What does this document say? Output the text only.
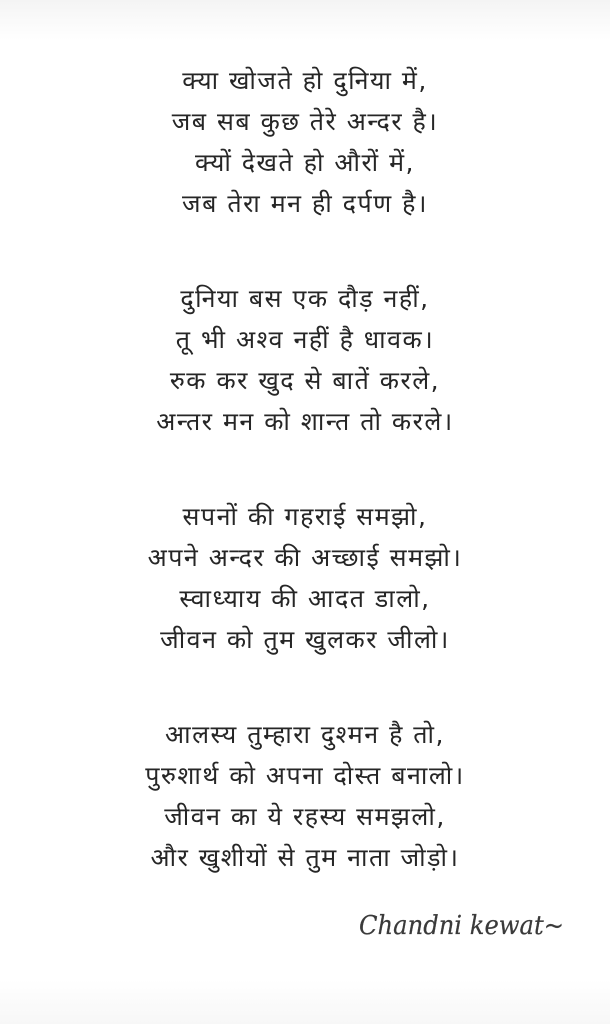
क्या खोजते हो दुनिया में,
जब सब कुछ तेरे अन्दर है।
क्यों देखते हो औरों में,
जब तेरा मन ही दर्पण है।
दुनिया बस एक दौड़ नहीं,
तू भी अश्व नहीं है धावक।
रुक कर खुद से बातें करले,
अन्तर मन को शान्त तो करले।
सपनों की गहराई समझो,
अपने अन्दर की अच्छाई समझो।
स्वाध्याय की आदत डालो,
जीवन को तुम खुलकर जीलो।
आलस्य तुम्हारा दुश्मन है तो,
पुरुशार्थ को अपना दोस्त बनालो।
जीवन का ये रहस्य समझलो,
और खुशीयों से तुम नाता जोड़ो।
Chandni kewat~
